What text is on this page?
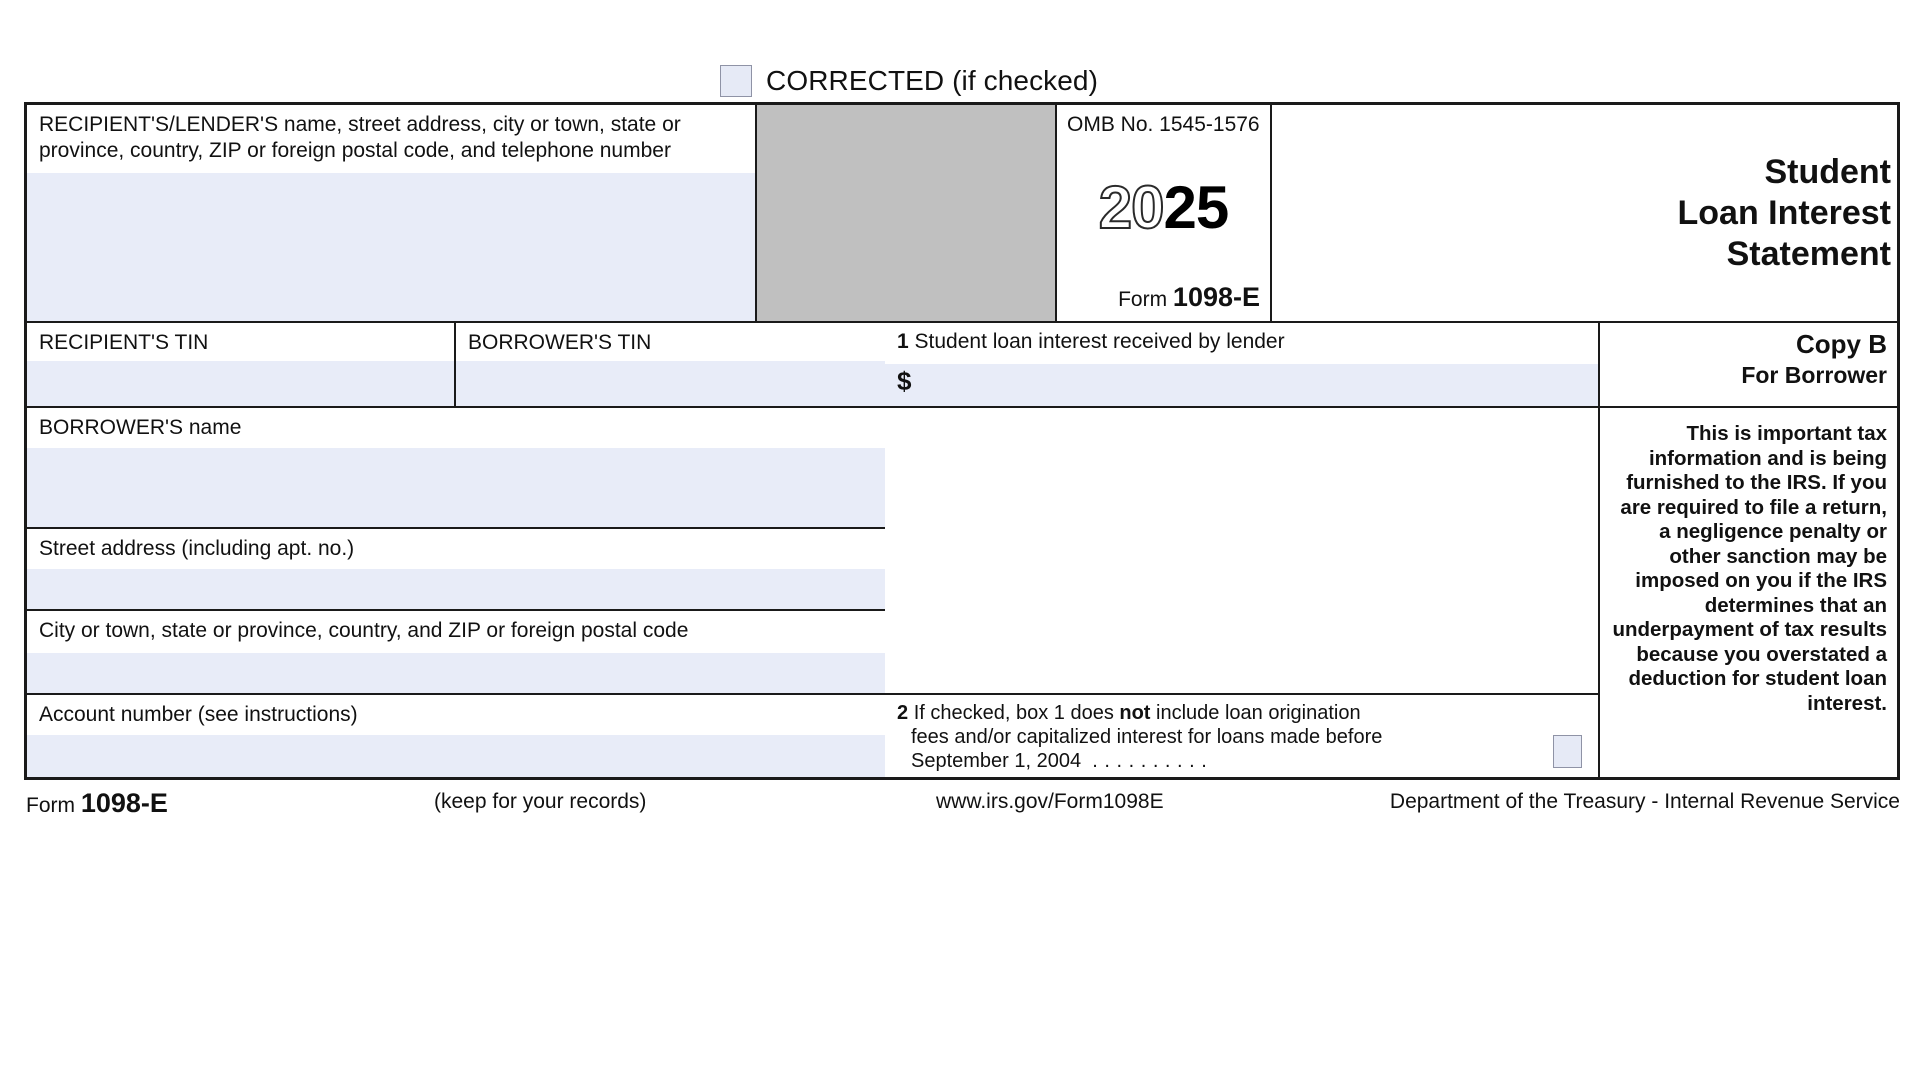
CORRECTED (if checked)
RECIPIENT'S/LENDER'S name, street address, city or town, state or province, country, ZIP or foreign postal code, and telephone number
OMB No. 1545-1576
20 25
Form 1098-E
Student
Loan Interest
Statement
RECIPIENT'S TIN	BORROWER'S TIN
BORROWER'S name
Street address (including apt. no.)
City or town, state or province, country, and ZIP or foreign postal code
Account number (see instructions)
1 Student loan interest received by lender
$
2 If checked, box 1 does not include loan origination
fees and/or capitalized interest for loans made before
September 1, 2004 . . . . . . . . . .
Copy B
For Borrower
This is important tax information and is being furnished to the IRS. If you are required to file a return, a negligence penalty or other sanction may be imposed on you if the IRS determines that an underpayment of tax results because you overstated a deduction for student loan interest.
Form 1098-E	(keep for your records)	www.irs.gov/Form1098E	Department of the Treasury - Internal Revenue Service
